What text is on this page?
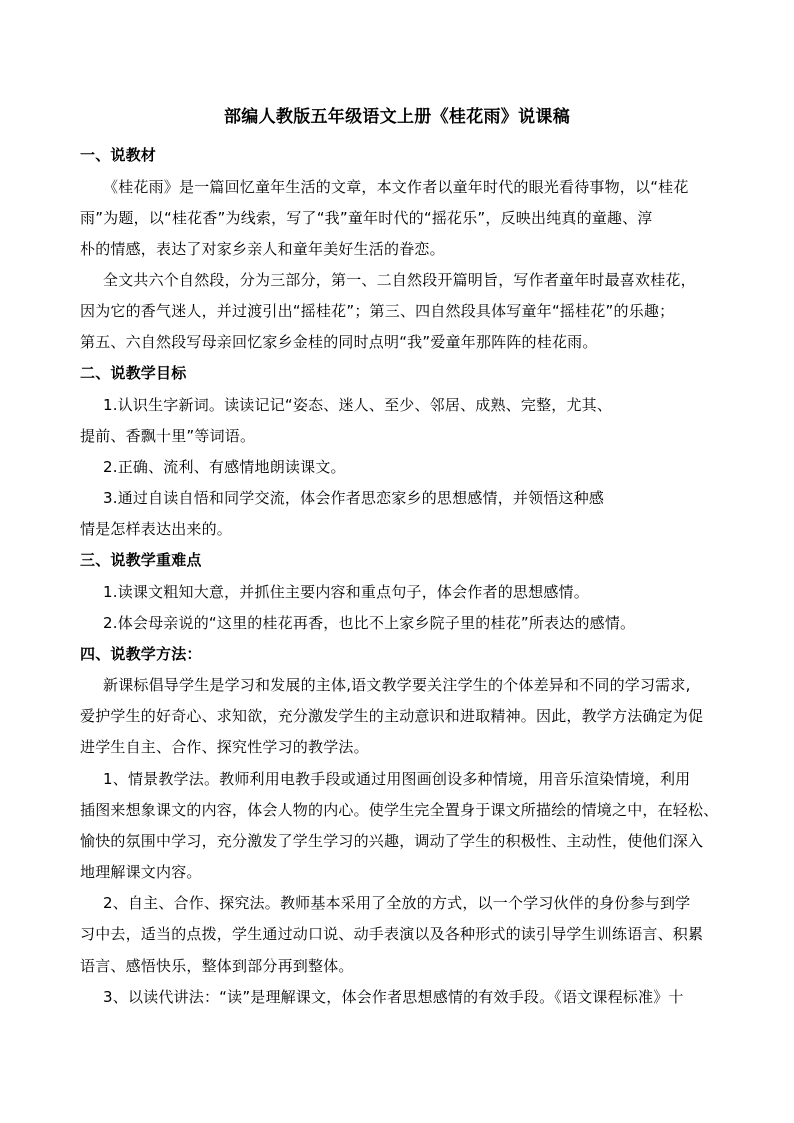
部编人教版五年级语文上册《桂花雨》说课稿
一、说教材
《桂花雨》是一篇回忆童年生活的文章，本文作者以童年时代的眼光看待事物，以“桂花
雨”为题，以“桂花香”为线索，写了“我”童年时代的“摇花乐”，反映出纯真的童趣、淳
朴的情感，表达了对家乡亲人和童年美好生活的眷恋。
全文共六个自然段，分为三部分，第一、二自然段开篇明旨，写作者童年时最喜欢桂花，
因为它的香气迷人，并过渡引出“摇桂花”；第三、四自然段具体写童年“摇桂花”的乐趣；
第五、六自然段写母亲回忆家乡金桂的同时点明“我”爱童年那阵阵的桂花雨。
二、说教学目标
1.认识生字新词。读读记记“姿态、迷人、至少、邻居、成熟、完整，尤其、
提前、香飘十里”等词语。
2.正确、流利、有感情地朗读课文。
3.通过自读自悟和同学交流，体会作者思恋家乡的思想感情，并领悟这种感
情是怎样表达出来的。
三、说教学重难点
1.读课文粗知大意，并抓住主要内容和重点句子，体会作者的思想感情。
2.体会母亲说的“这里的桂花再香，也比不上家乡院子里的桂花”所表达的感情。
四、说教学方法：
新课标倡导学生是学习和发展的主体,语文教学要关注学生的个体差异和不同的学习需求,
爱护学生的好奇心、求知欲，充分激发学生的主动意识和进取精神。因此，教学方法确定为促
进学生自主、合作、探究性学习的教学法。
1、情景教学法。教师利用电教手段或通过用图画创设多种情境，用音乐渲染情境，利用
插图来想象课文的内容，体会人物的内心。使学生完全置身于课文所描绘的情境之中，在轻松、
愉快的氛围中学习，充分激发了学生学习的兴趣，调动了学生的积极性、主动性，使他们深入
地理解课文内容。
2、自主、合作、探究法。教师基本采用了全放的方式，以一个学习伙伴的身份参与到学
习中去，适当的点拨，学生通过动口说、动手表演以及各种形式的读引导学生训练语言、积累
语言、感悟快乐，整体到部分再到整体。
3、以读代讲法：“读”是理解课文，体会作者思想感情的有效手段。《语文课程标准》十
